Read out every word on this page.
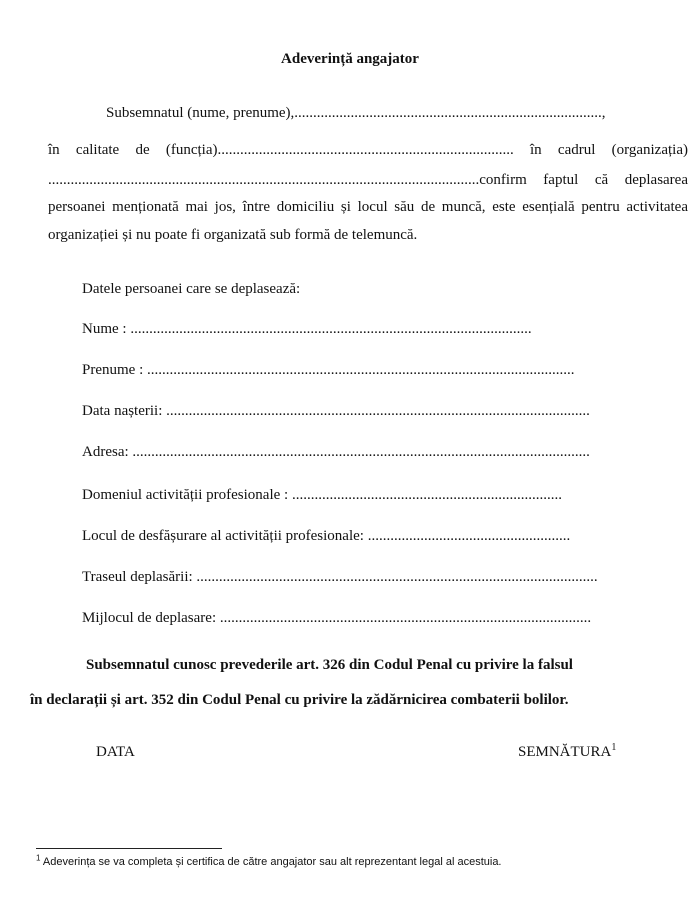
Adeverință angajator
Subsemnatul (nume, prenume),..................................................................................,
în calitate de (funcția)............................................................................... în cadrul (organizația)
...................................................................................................................confirm faptul că deplasarea
persoanei menționată mai jos, între domiciliu și locul său de muncă, este esențială pentru activitatea
organizației și nu poate fi organizată sub formă de telemuncă.
Datele persoanei care se deplasează:
Nume : ...........................................................................................................
Prenume : ..................................................................................................................
Data nașterii: .................................................................................................................
Adresa: ..........................................................................................................................
Domeniul activității profesionale : ........................................................................
Locul de desfășurare al activității profesionale: ......................................................
Traseul deplasării: ...........................................................................................................
Mijlocul de deplasare: ...................................................................................................
Subsemnatul cunosc prevederile art. 326 din Codul Penal cu privire la falsul
în declarații și art. 352 din Codul Penal cu privire la zădărnicirea combaterii bolilor.
DATA	SEMNĂTURA$^1$
$^1$ Adeverința se va completa și certifica de către angajator sau alt reprezentant legal al acestuia.
